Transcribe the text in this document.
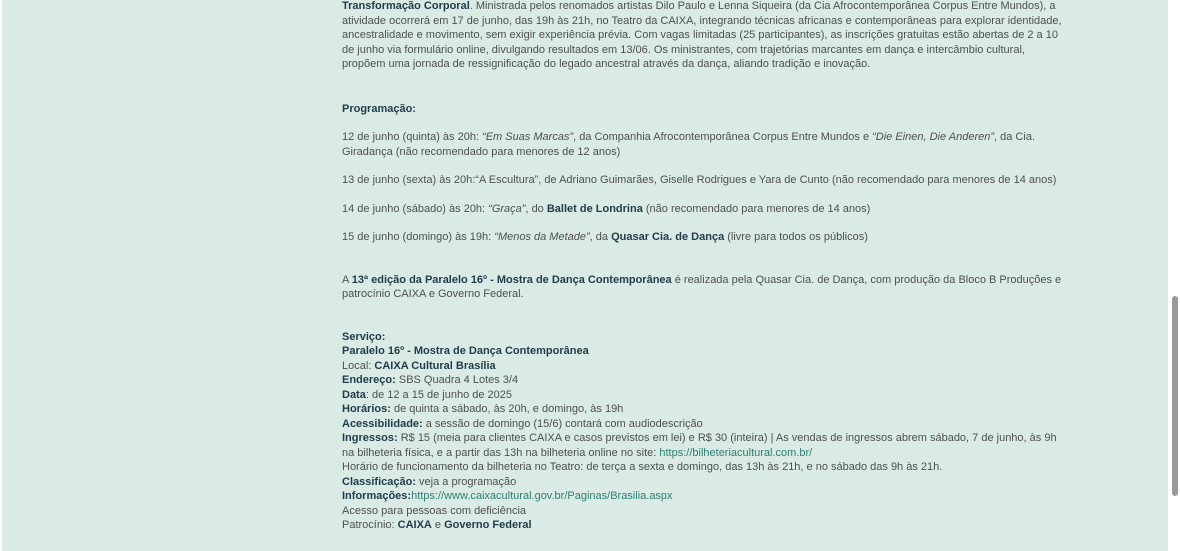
Transformação Corporal. Ministrada pelos renomados artistas Dilo Paulo e Lenna Siqueira (da Cia Afrocontemporânea Corpus Entre Mundos), a atividade ocorrerá em 17 de junho, das 19h às 21h, no Teatro da CAIXA, integrando técnicas africanas e contemporâneas para explorar identidade, ancestralidade e movimento, sem exigir experiência prévia. Com vagas limitadas (25 participantes), as inscrições gratuitas estão abertas de 2 a 10 de junho via formulário online, divulgando resultados em 13/06. Os ministrantes, com trajetórias marcantes em dança e intercâmbio cultural, propõem uma jornada de ressignificação do legado ancestral através da dança, aliando tradição e inovação.

Programação:

12 de junho (quinta) às 20h: “Em Suas Marcas”, da Companhia Afrocontemporânea Corpus Entre Mundos e “Die Einen, Die Anderen”, da Cia. Giradança (não recomendado para menores de 12 anos)

13 de junho (sexta) às 20h:“A Escultura”, de Adriano Guimarães, Giselle Rodrigues e Yara de Cunto (não recomendado para menores de 14 anos)

14 de junho (sábado) às 20h: “Graça”, do Ballet de Londrina (não recomendado para menores de 14 anos)

15 de junho (domingo) às 19h: “Menos da Metade”, da Quasar Cia. de Dança (livre para todos os públicos)

A 13ª edição da Paralelo 16º - Mostra de Dança Contemporânea é realizada pela Quasar Cia. de Dança, com produção da Bloco B Produções e patrocínio CAIXA e Governo Federal.

Serviço:

Paralelo 16º - Mostra de Dança Contemporânea

Local: CAIXA Cultural Brasília

Endereço: SBS Quadra 4 Lotes 3/4

Data: de 12 a 15 de junho de 2025

Horários: de quinta a sábado, às 20h, e domingo, às 19h

Acessibilidade: a sessão de domingo (15/6) contará com audiodescrição

Ingressos: R$ 15 (meia para clientes CAIXA e casos previstos em lei) e R$ 30 (inteira) | As vendas de ingressos abrem sábado, 7 de junho, às 9h na bilheteria física, e a partir das 13h na bilheteria online no site: https://bilheteriacultural.com.br/

Horário de funcionamento da bilheteria no Teatro: de terça a sexta e domingo, das 13h às 21h, e no sábado das 9h às 21h.

Classificação: veja a programação

Informações:https://www.caixacultural.gov.br/Paginas/Brasilia.aspx

Acesso para pessoas com deficiência

Patrocínio: CAIXA e Governo Federal
